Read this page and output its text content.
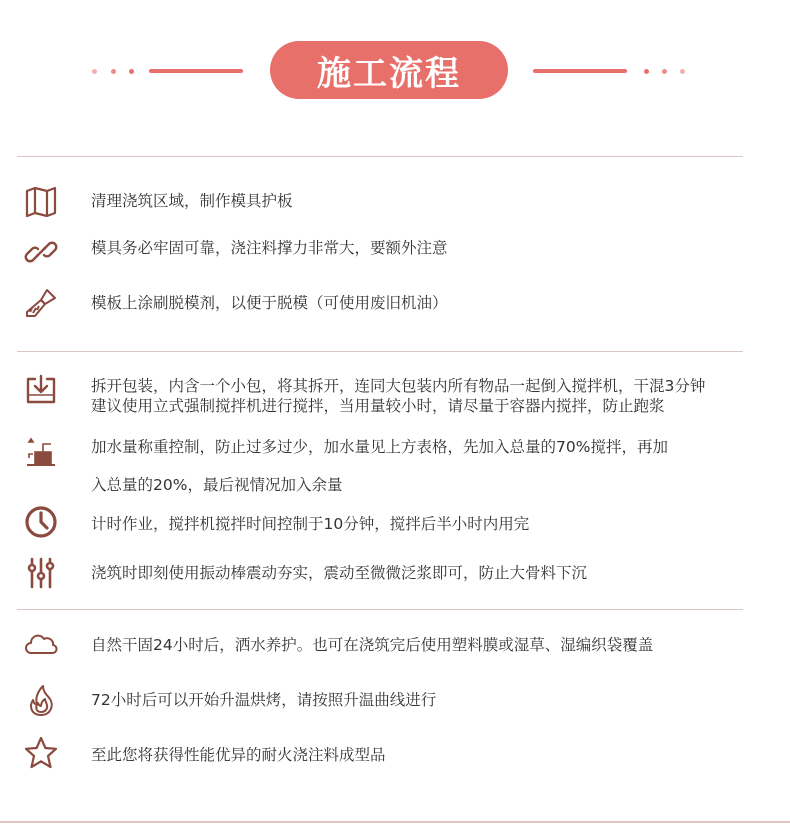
施工流程
清理浇筑区域，制作模具护板
模具务必牢固可靠，浇注料撑力非常大，要额外注意
模板上涂刷脱模剂，以便于脱模（可使用废旧机油）
拆开包装，内含一个小包，将其拆开，连同大包装内所有物品一起倒入搅拌机，干混3分钟
建议使用立式强制搅拌机进行搅拌，当用量较小时，请尽量于容器内搅拌，防止跑浆
加水量称重控制，防止过多过少，加水量见上方表格，先加入总量的70%搅拌，再加
入总量的20%，最后视情况加入余量
计时作业，搅拌机搅拌时间控制于10分钟，搅拌后半小时内用完
浇筑时即刻使用振动棒震动夯实，震动至微微泛浆即可，防止大骨料下沉
自然干固24小时后，洒水养护。也可在浇筑完后使用塑料膜或湿草、湿编织袋覆盖
72小时后可以开始升温烘烤，请按照升温曲线进行
至此您将获得性能优异的耐火浇注料成型品
